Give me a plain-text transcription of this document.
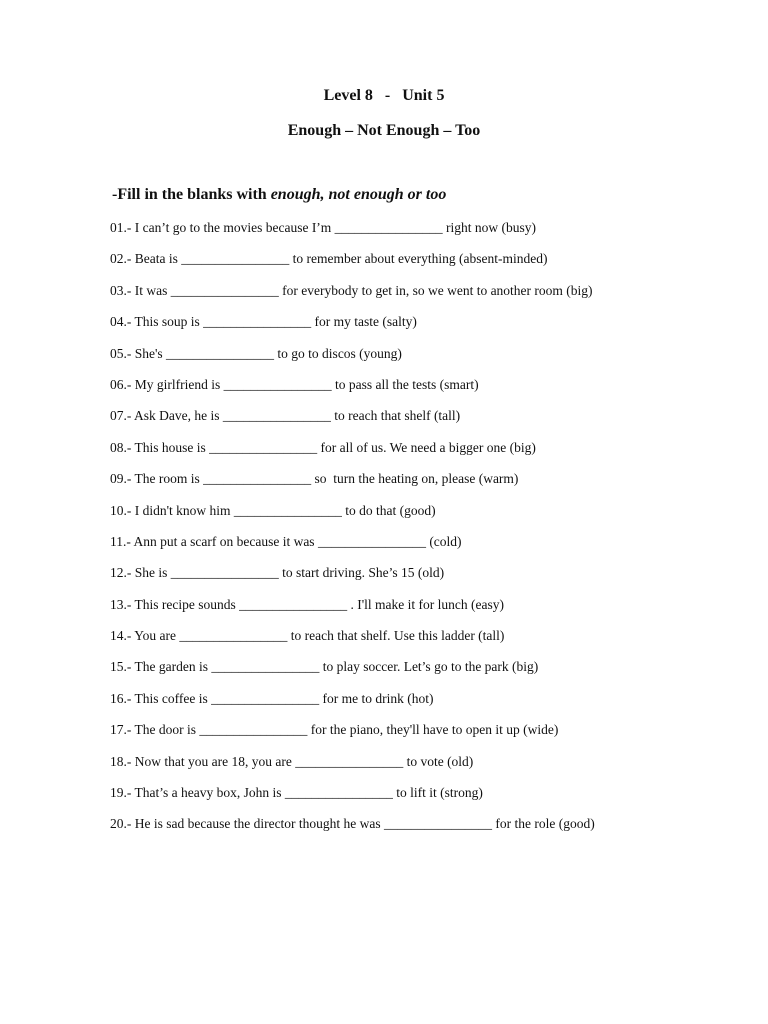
Level 8   -   Unit 5
Enough – Not Enough – Too
-Fill in the blanks with enough, not enough or too
01.- I can’t go to the movies because I’m ________________ right now (busy)
02.- Beata is ________________ to remember about everything (absent-minded)
03.- It was ________________ for everybody to get in, so we went to another room (big)
04.- This soup is ________________ for my taste (salty)
05.- She's ________________ to go to discos (young)
06.- My girlfriend is ________________ to pass all the tests (smart)
07.- Ask Dave, he is ________________ to reach that shelf (tall)
08.- This house is ________________ for all of us. We need a bigger one (big)
09.- The room is ________________ so  turn the heating on, please (warm)
10.- I didn't know him ________________ to do that (good)
11.- Ann put a scarf on because it was ________________ (cold)
12.- She is ________________ to start driving. She’s 15 (old)
13.- This recipe sounds ________________ . I'll make it for lunch (easy)
14.- You are ________________ to reach that shelf. Use this ladder (tall)
15.- The garden is ________________ to play soccer. Let’s go to the park (big)
16.- This coffee is ________________ for me to drink (hot)
17.- The door is ________________ for the piano, they'll have to open it up (wide)
18.- Now that you are 18, you are ________________ to vote (old)
19.- That’s a heavy box, John is ________________ to lift it (strong)
20.- He is sad because the director thought he was ________________ for the role (good)
